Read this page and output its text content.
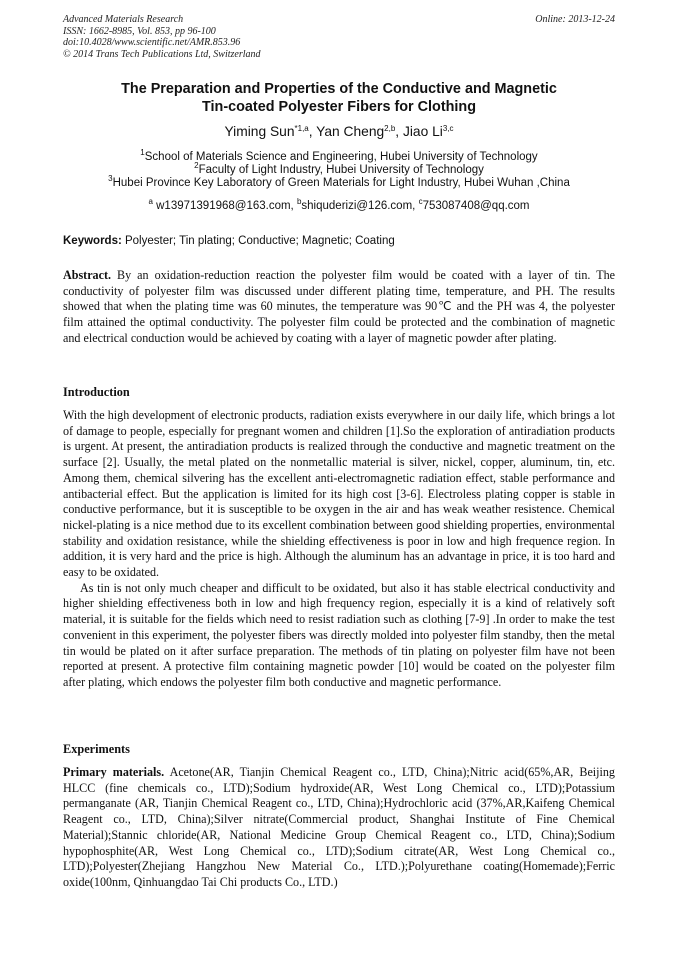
Advanced Materials Research
ISSN: 1662-8985, Vol. 853, pp 96-100
doi:10.4028/www.scientific.net/AMR.853.96
© 2014 Trans Tech Publications Ltd, Switzerland
Online: 2013-12-24
The Preparation and Properties of the Conductive and Magnetic
Tin-coated Polyester Fibers for Clothing
Yiming Sun$^{*1,a}$, Yan Cheng$^{2,b}$, Jiao Li$^{3,c}$
$^1$School of Materials Science and Engineering, Hubei University of Technology
$^2$Faculty of Light Industry, Hubei University of Technology
$^3$Hubei Province Key Laboratory of Green Materials for Light Industry, Hubei Wuhan ,China
$^a$ w13971391968@163.com, $^b$shiquderizi@126.com, $^c$753087408@qq.com
Keywords: Polyester; Tin plating; Conductive; Magnetic; Coating

Abstract. By an oxidation-reduction reaction the polyester film would be coated with a layer of tin. The conductivity of polyester film was discussed under different plating time, temperature, and PH. The results showed that when the plating time was 60 minutes, the temperature was 90℃ and the PH was 4, the polyester film attained the optimal conductivity. The polyester film could be protected and the combination of magnetic and electrical conduction would be achieved by coating with a layer of magnetic powder after plating.

Introduction

With the high development of electronic products, radiation exists everywhere in our daily life, which brings a lot of damage to people, especially for pregnant women and children [1].So the exploration of antiradiation products is urgent. At present, the antiradiation products is realized through the conductive and magnetic treatment on the surface [2]. Usually, the metal plated on the nonmetallic material is silver, nickel, copper, aluminum, tin, etc. Among them, chemical silvering has the excellent anti-electromagnetic radiation effect, stable performance and antibacterial effect. But the application is limited for its high cost [3-6]. Electroless plating copper is stable in conductive performance, but it is susceptible to be oxygen in the air and has weak weather resistence. Chemical nickel-plating is a nice method due to its excellent combination between good shielding properties, environmental stability and oxidation resistance, while the shielding effectiveness is poor in low and high frequence region. In addition, it is very hard and the price is high. Although the aluminum has an advantage in price, it is too hard and easy to be oxidated.

As tin is not only much cheaper and difficult to be oxidated, but also it has stable electrical conductivity and higher shielding effectiveness both in low and high frequency region, especially it is a kind of relatively soft material, it is suitable for the fields which need to resist radiation such as clothing [7-9] .In order to make the test convenient in this experiment, the polyester fibers was directly molded into polyester film standby, then the metal tin would be plated on it after surface preparation. The methods of tin plating on polyester film have not been reported at present. A protective film containing magnetic powder [10] would be coated on the polyester film after plating, which endows the polyester film both conductive and magnetic performance.

Experiments

Primary materials. Acetone(AR, Tianjin Chemical Reagent co., LTD, China);Nitric acid(65%,AR, Beijing HLCC (fine chemicals co., LTD);Sodium hydroxide(AR, West Long Chemical co., LTD);Potassium permanganate (AR, Tianjin Chemical Reagent co., LTD, China);Hydrochloric acid (37%,AR,Kaifeng Chemical Reagent co., LTD, China);Silver nitrate(Commercial product, Shanghai Institute of Fine Chemical Material);Stannic chloride(AR, National Medicine Group Chemical Reagent co., LTD, China);Sodium hypophosphite(AR, West Long Chemical co., LTD);Sodium citrate(AR, West Long Chemical co., LTD);Polyester(Zhejiang Hangzhou New Material Co., LTD.);Polyurethane coating(Homemade);Ferric oxide(100nm, Qinhuangdao Tai Chi products Co., LTD.)
